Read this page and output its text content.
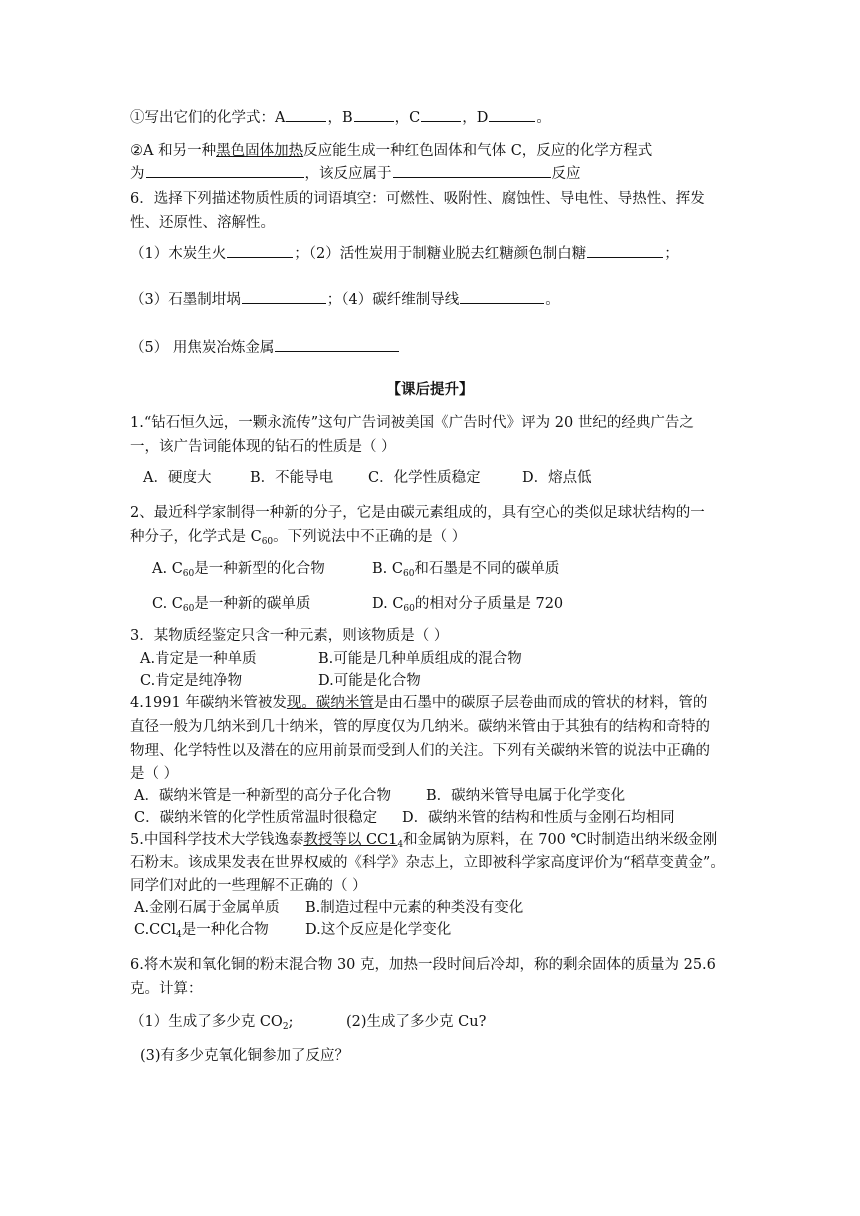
①写出它们的化学式：A	，B	，C	，D	。
②A 和另一种黑色固体加热反应能生成一种红色固体和气体 C，反应的化学方程式
为	，该反应属于	反应
6．选择下列描述物质性质的词语填空：可燃性、吸附性、腐蚀性、导电性、导热性、挥发
性、还原性、溶解性。
（1）木炭生火	；（2）活性炭用于制糖业脱去红糖颜色制白糖	；
（3）石墨制坩埚	；（4）碳纤维制导线	。
（5） 用焦炭冶炼金属
【课后提升】
1.“钻石恒久远，一颗永流传”这句广告词被美国《广告时代》评为 20 世纪的经典广告之
一，该广告词能体现的钻石的性质是（ ）
A．硬度大	B．不能导电 C．化学性质稳定	D．熔点低
2、最近科学家制得一种新的分子，它是由碳元素组成的，具有空心的类似足球状结构的一
种分子，化学式是 $C_{60}$。下列说法中不正确的是（ ）
A. $C_{60}$是一种新型的化合物	B. $C_{60}$和石墨是不同的碳单质
C. $C_{60}$是一种新的碳单质	D. $C_{60}$的相对分子质量是 720
3．某物质经鉴定只含一种元素，则该物质是（ ）
A.肯定是一种单质	B.可能是几种单质组成的混合物
C.肯定是纯净物	D.可能是化合物
4.1991 年碳纳米管被发现。碳纳米管是由石墨中的碳原子层卷曲而成的管状的材料，管的
直径一般为几纳米到几十纳米，管的厚度仅为几纳米。碳纳米管由于其独有的结构和奇特的
物理、化学特性以及潜在的应用前景而受到人们的关注。下列有关碳纳米管的说法中正确的
是（ ）
A．碳纳米管是一种新型的高分子化合物 B．碳纳米管导电属于化学变化
C．碳纳米管的化学性质常温时很稳定 D．碳纳米管的结构和性质与金刚石均相同
5.中国科学技术大学钱逸泰教授等以 $CC1_4$和金属钠为原料，在 700 ℃时制造出纳米级金刚
石粉末。该成果发表在世界权威的《科学》杂志上，立即被科学家高度评价为“稻草变黄金”。
同学们对此的一些理解不正确的（ ）
A.金刚石属于金属单质 B.制造过程中元素的种类没有变化
C.CCl$_4$是一种化合物	D.这个反应是化学变化
6.将木炭和氧化铜的粉末混合物 30 克，加热一段时间后冷却，称的剩余固体的质量为 25.6
克。计算：
（1）生成了多少克 $CO_2$;	(2)生成了多少克 Cu?
(3)有多少克氧化铜参加了反应？
